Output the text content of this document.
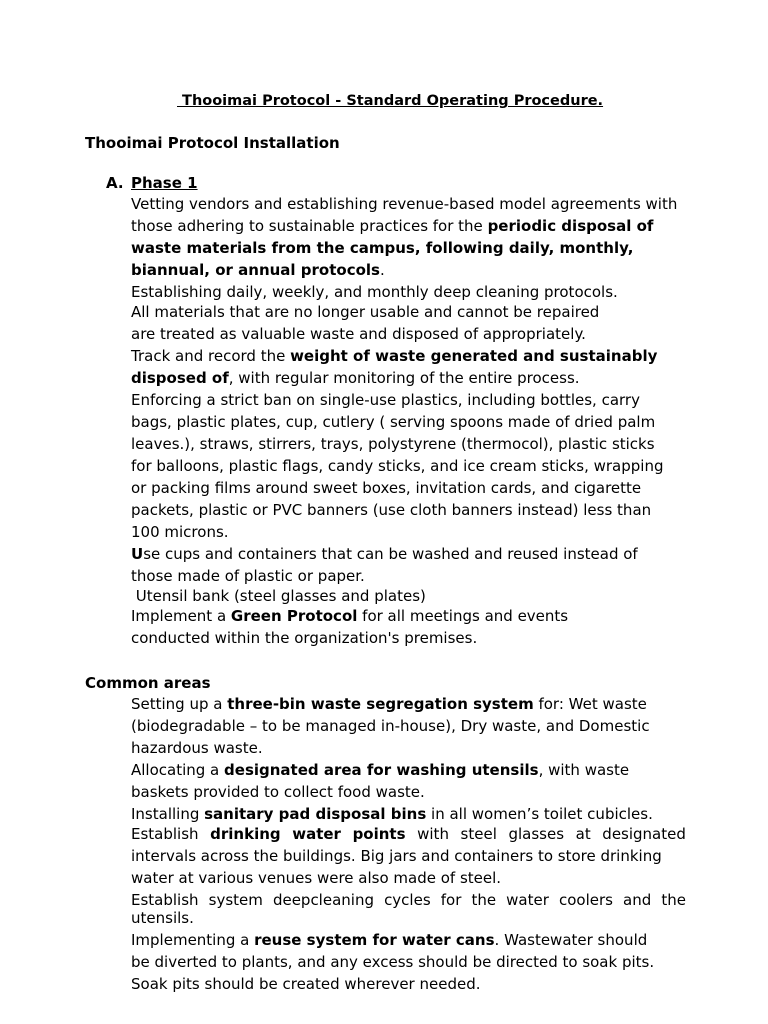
Thooimai Protocol - Standard Operating Procedure.
Thooimai Protocol Installation
A. Phase 1
Vetting vendors and establishing revenue-based model agreements with
those adhering to sustainable practices for the periodic disposal of
waste materials from the campus, following daily, monthly,
biannual, or annual protocols.
Establishing daily, weekly, and monthly deep cleaning protocols.
All materials that are no longer usable and cannot be repaired
are treated as valuable waste and disposed of appropriately.
Track and record the weight of waste generated and sustainably
disposed of, with regular monitoring of the entire process.
Enforcing a strict ban on single-use plastics, including bottles, carry
bags, plastic plates, cup, cutlery ( serving spoons made of dried palm
leaves.), straws, stirrers, trays, polystyrene (thermocol), plastic sticks
for balloons, plastic flags, candy sticks, and ice cream sticks, wrapping
or packing films around sweet boxes, invitation cards, and cigarette
packets, plastic or PVC banners (use cloth banners instead) less than
100 microns.
Use cups and containers that can be washed and reused instead of
those made of plastic or paper.
Utensil bank (steel glasses and plates)
Implement a Green Protocol for all meetings and events
conducted within the organization's premises.
Common areas
Setting up a three-bin waste segregation system for: Wet waste
(biodegradable – to be managed in-house), Dry waste, and Domestic
hazardous waste.
Allocating a designated area for washing utensils, with waste
baskets provided to collect food waste.
Installing sanitary pad disposal bins in all women’s toilet cubicles.
Establish drinking water points with steel glasses at designated
intervals across the buildings. Big jars and containers to store drinking
water at various venues were also made of steel.
Establish system deepcleaning cycles for the water coolers and the
utensils.
Implementing a reuse system for water cans. Wastewater should
be diverted to plants, and any excess should be directed to soak pits.
Soak pits should be created wherever needed.
